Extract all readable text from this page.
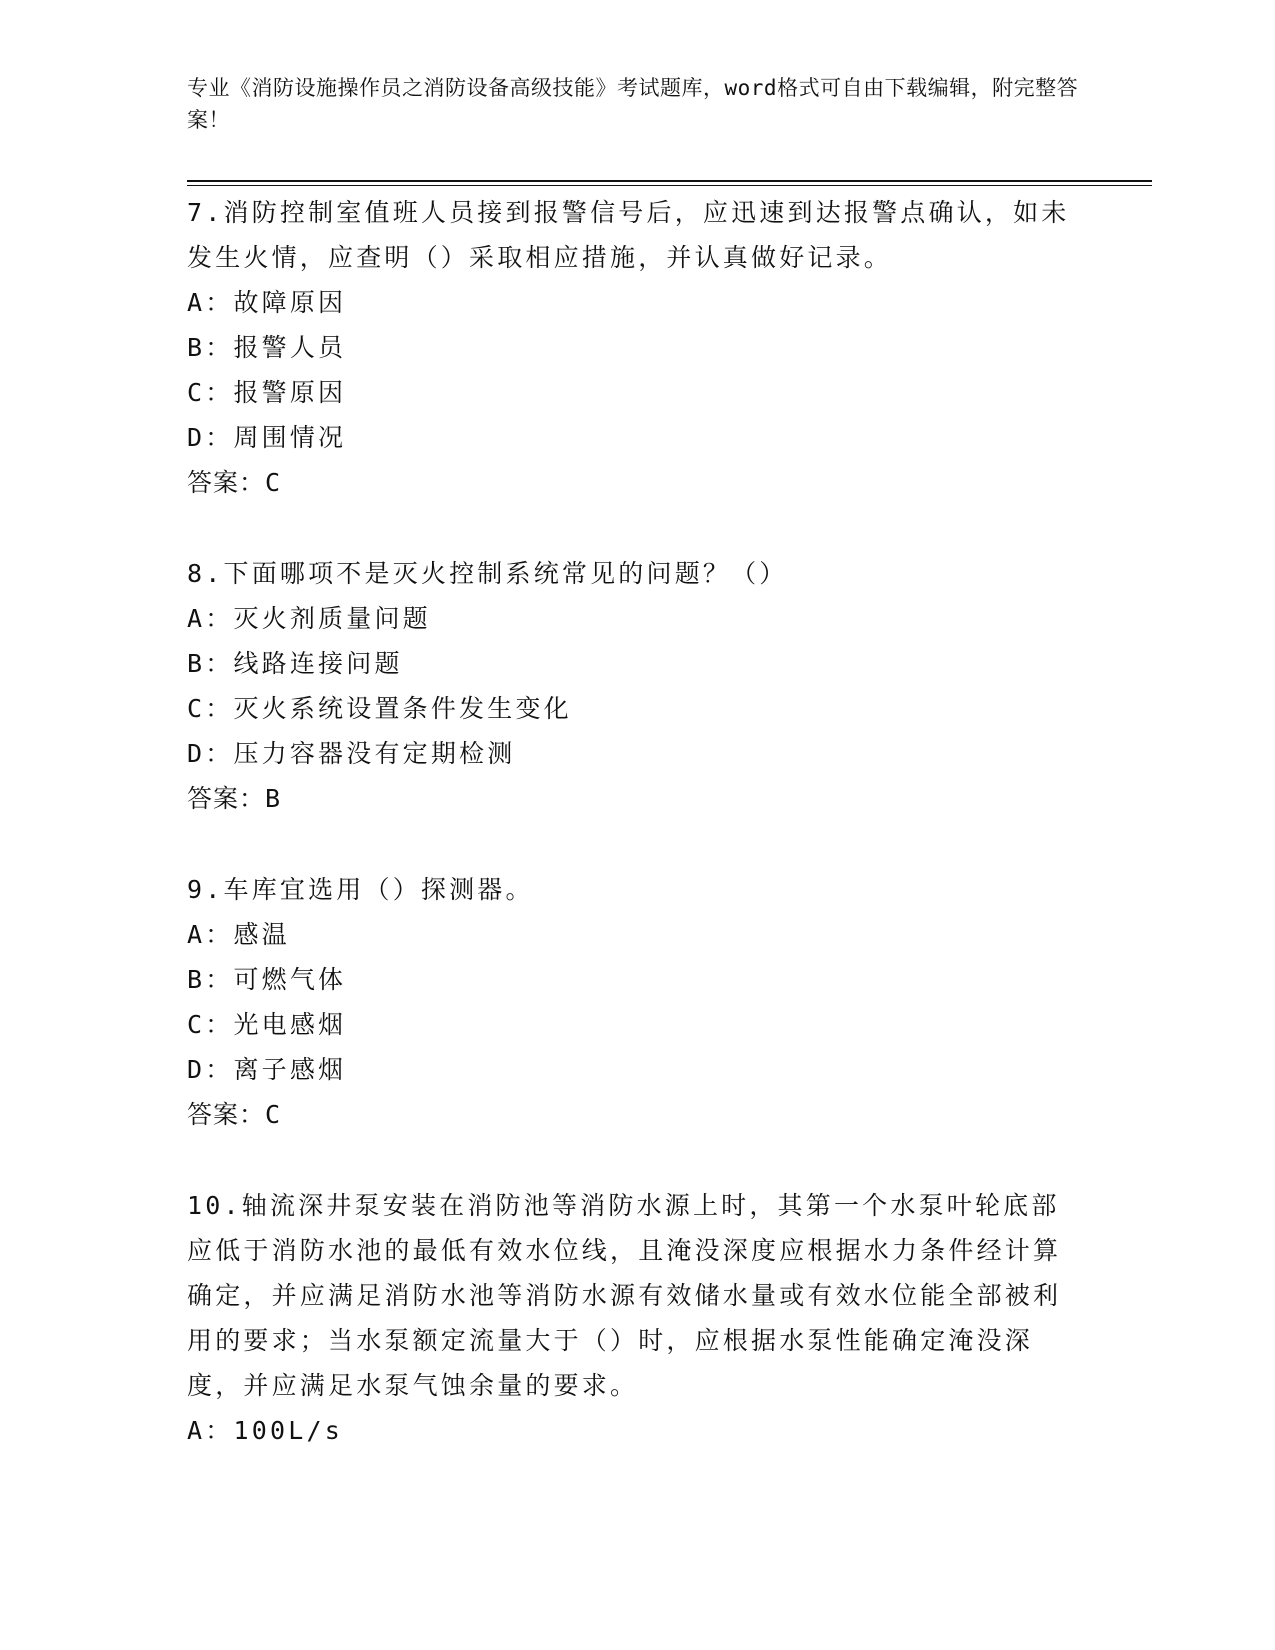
专业《消防设施操作员之消防设备高级技能》考试题库，word格式可自由下载编辑，附完整答案！
7.消防控制室值班人员接到报警信号后，应迅速到达报警点确认，如未发生火情，应查明（）采取相应措施，并认真做好记录。
A：故障原因
B：报警人员
C：报警原因
D：周围情况
答案：C
8.下面哪项不是灭火控制系统常见的问题？（）
A：灭火剂质量问题
B：线路连接问题
C：灭火系统设置条件发生变化
D：压力容器没有定期检测
答案：B
9.车库宜选用（）探测器。
A：感温
B：可燃气体
C：光电感烟
D：离子感烟
答案：C
10.轴流深井泵安装在消防池等消防水源上时，其第一个水泵叶轮底部应低于消防水池的最低有效水位线，且淹没深度应根据水力条件经计算确定，并应满足消防水池等消防水源有效储水量或有效水位能全部被利用的要求；当水泵额定流量大于（）时，应根据水泵性能确定淹没深度，并应满足水泵气蚀余量的要求。
A：100L/s
